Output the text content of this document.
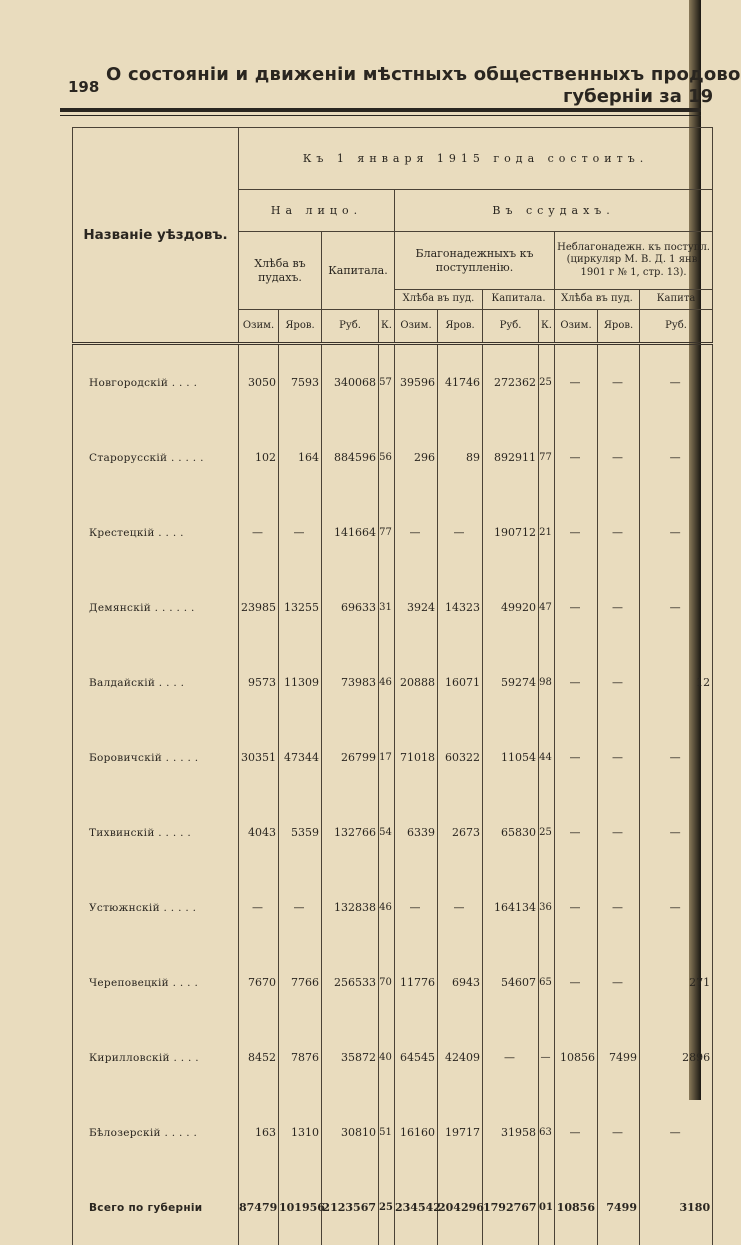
198
О состояніи и движеніи мѣстныхъ общественныхъ продово
губерніи за 19
Названіе уѣздовъ.	Къ 1 января 1915 года состоитъ.										
	На лицо.				Въ ссудахъ.						
	Хлѣба въ пудахъ.		Капитала.		Благонадежныхъ къ поступленію.				Неблагонадежн. къ поступл. (циркуляр М. В. Д. 1 янв. 1901 г № 1, стр. 13).		
					Хлѣба въ пуд.		Капитала.		Хлѣба въ пуд.		Капита
	Озим.	Яров.	Руб.	К.	Озим.	Яров.	Руб.	К.	Озим.	Яров.	Руб.
Новгородскій . . . .	3050	7593	340068	57	39596	41746	272362	25	—	—	—
Старорусскій . . . . .	102	164	884596	56	296	89	892911	77	—	—	—
Крестецкій . . . .	—	—	141664	77	—	—	190712	21	—	—	—
Демянскій . . . . . .	23985	13255	69633	31	3924	14323	49920	47	—	—	—
Валдайскій . . . .	9573	11309	73983	46	20888	16071	59274	98	—	—	12
Боровичскій . . . . .	30351	47344	26799	17	71018	60322	11054	44	—	—	—
Тихвинскій . . . . .	4043	5359	132766	54	6339	2673	65830	25	—	—	—
Устюжнскій . . . . .	—	—	132838	46	—	—	164134	36	—	—	—
Череповецкій . . . .	7670	7766	256533	70	11776	6943	54607	65	—	—	271
Кирилловскій . . . .	8452	7876	35872	40	64545	42409	—	—	10856	7499	2896
Бѣлозерскій . . . . .	163	1310	30810	51	16160	19717	31958	63	—	—	—
Всего по губерніи	87479	101956	2123567	25	234542	204296	1792767	01	10856	7499	3180
